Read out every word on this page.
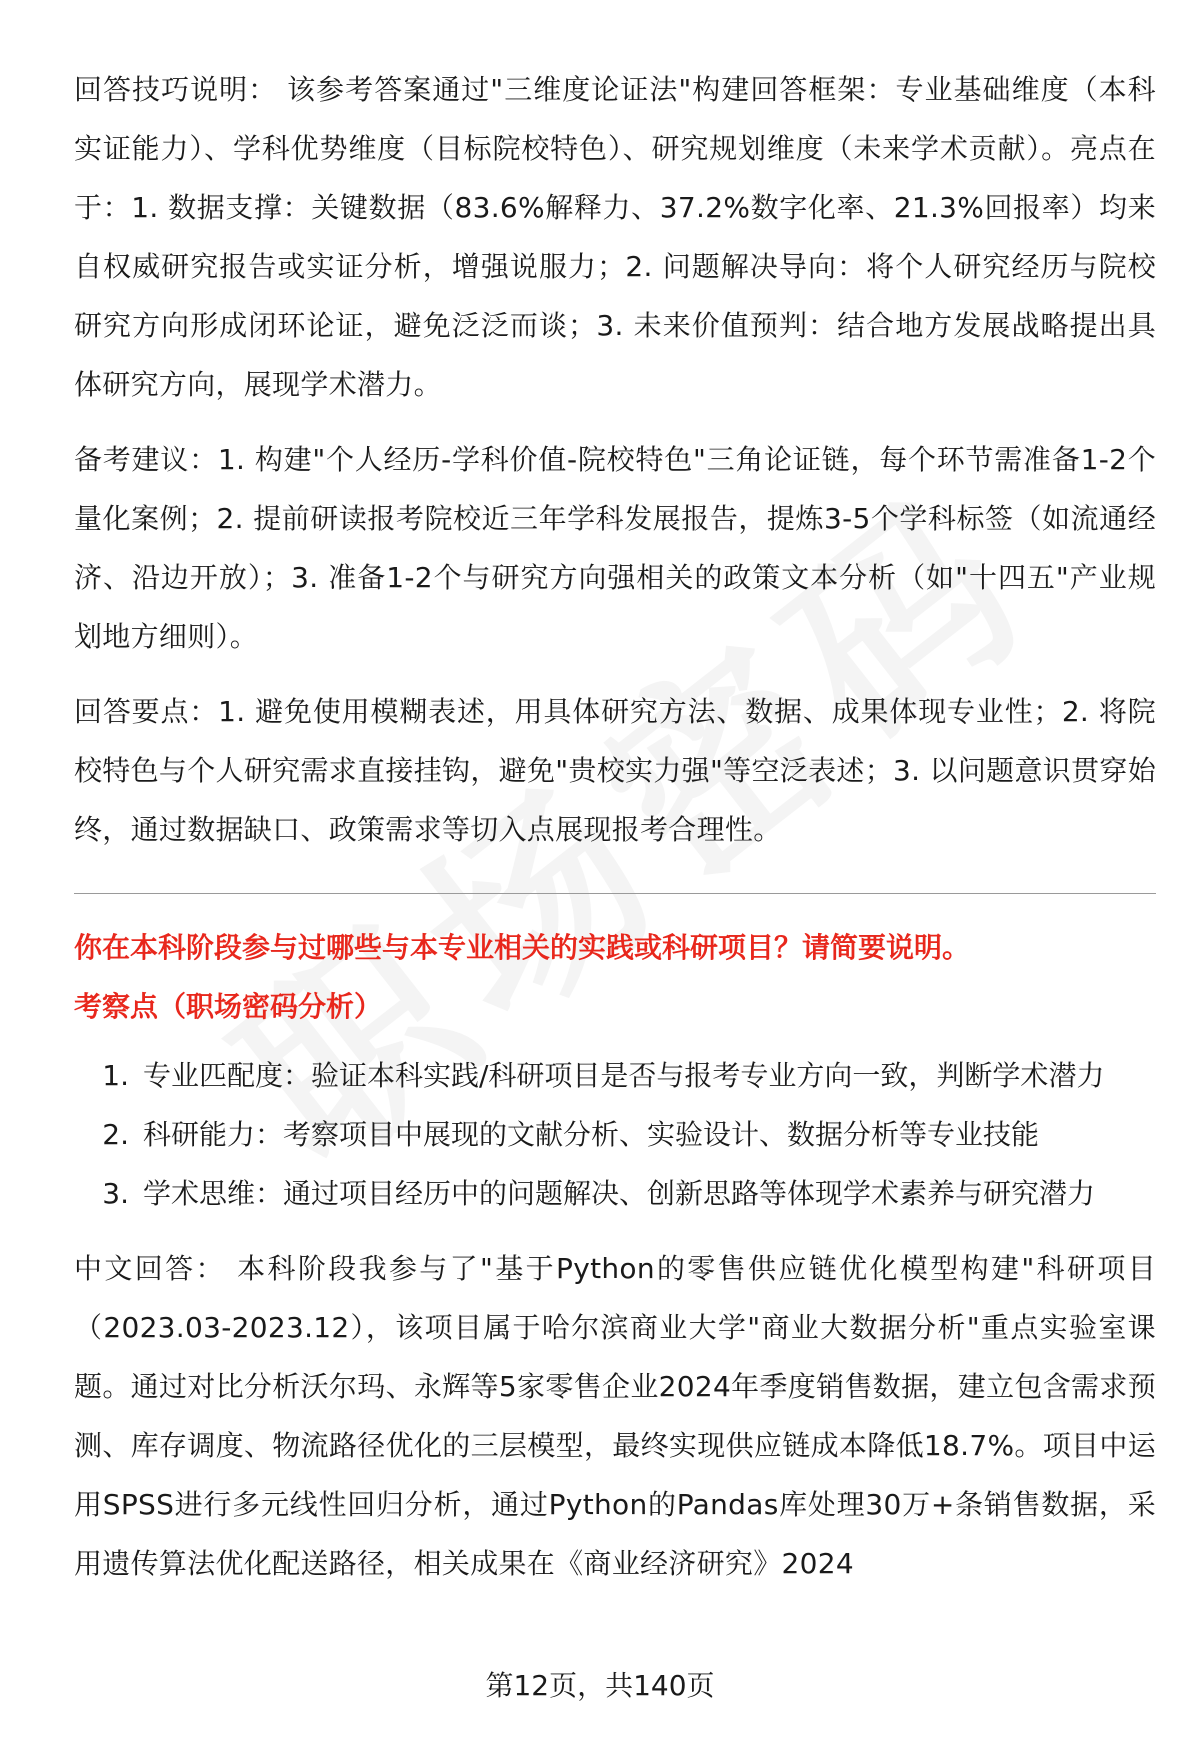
回答技巧说明： 该参考答案通过"三维度论证法"构建回答框架：专业基础维度（本科实证能力）、学科优势维度（目标院校特色）、研究规划维度（未来学术贡献）。亮点在于：1. 数据支撑：关键数据（83.6%解释力、37.2%数字化率、21.3%回报率）均来自权威研究报告或实证分析，增强说服力；2. 问题解决导向：将个人研究经历与院校研究方向形成闭环论证，避免泛泛而谈；3. 未来价值预判：结合地方发展战略提出具体研究方向，展现学术潜力。

备考建议：1. 构建"个人经历-学科价值-院校特色"三角论证链，每个环节需准备1-2个量化案例；2. 提前研读报考院校近三年学科发展报告，提炼3-5个学科标签（如流通经济、沿边开放）；3. 准备1-2个与研究方向强相关的政策文本分析（如"十四五"产业规划地方细则）。

回答要点：1. 避免使用模糊表述，用具体研究方法、数据、成果体现专业性；2. 将院校特色与个人研究需求直接挂钩，避免"贵校实力强"等空泛表述；3. 以问题意识贯穿始终，通过数据缺口、政策需求等切入点展现报考合理性。

你在本科阶段参与过哪些与本专业相关的实践或科研项目？请简要说明。

考察点（职场密码分析）

1. 专业匹配度：验证本科实践/科研项目是否与报考专业方向一致，判断学术潜力
2. 科研能力：考察项目中展现的文献分析、实验设计、数据分析等专业技能
3. 学术思维：通过项目经历中的问题解决、创新思路等体现学术素养与研究潜力

中文回答： 本科阶段我参与了"基于Python的零售供应链优化模型构建"科研项目（2023.03-2023.12），该项目属于哈尔滨商业大学"商业大数据分析"重点实验室课题。通过对比分析沃尔玛、永辉等5家零售企业2024年季度销售数据，建立包含需求预测、库存调度、物流路径优化的三层模型，最终实现供应链成本降低18.7%。项目中运用SPSS进行多元线性回归分析，通过Python的Pandas库处理30万+条销售数据，采用遗传算法优化配送路径，相关成果在《商业经济研究》2024

第12页，共140页
